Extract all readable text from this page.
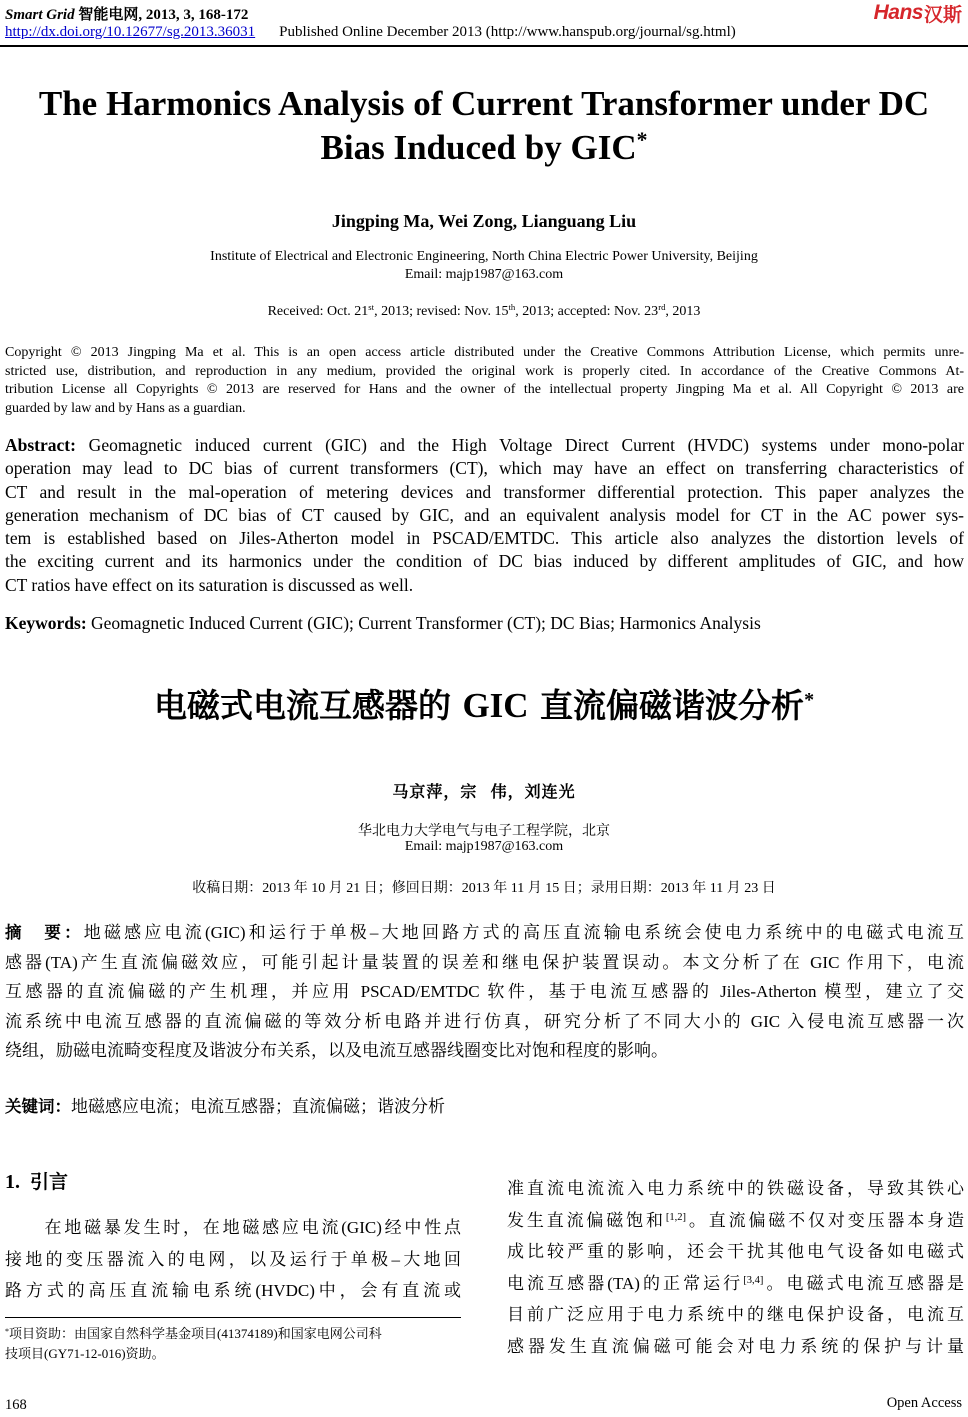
Smart Grid 智能电网, 2013, 3, 168-172	Hans 汉斯
http://dx.doi.org/10.12677/sg.2013.36031 Published Online December 2013 (http://www.hanspub.org/journal/sg.html)
The Harmonics Analysis of Current Transformer under DC
Bias Induced by GIC*
Jingping Ma, Wei Zong, Lianguang Liu
Institute of Electrical and Electronic Engineering, North China Electric Power University, Beijing
Email: majp1987@163.com
Received: Oct. 21st, 2013; revised: Nov. 15th, 2013; accepted: Nov. 23rd, 2013
Copyright © 2013 Jingping Ma et al. This is an open access article distributed under the Creative Commons Attribution License, which permits unre-
stricted use, distribution, and reproduction in any medium, provided the original work is properly cited. In accordance of the Creative Commons At-
tribution License all Copyrights © 2013 are reserved for Hans and the owner of the intellectual property Jingping Ma et al. All Copyright © 2013 are
guarded by law and by Hans as a guardian.
Abstract: Geomagnetic induced current (GIC) and the High Voltage Direct Current (HVDC) systems under mono-polar
operation may lead to DC bias of current transformers (CT), which may have an effect on transferring characteristics of
CT and result in the mal-operation of metering devices and transformer differential protection. This paper analyzes the
generation mechanism of DC bias of CT caused by GIC, and an equivalent analysis model for CT in the AC power sys-
tem is established based on Jiles-Atherton model in PSCAD/EMTDC. This article also analyzes the distortion levels of
the exciting current and its harmonics under the condition of DC bias induced by different amplitudes of GIC, and how
CT ratios have effect on its saturation is discussed as well.
Keywords: Geomagnetic Induced Current (GIC); Current Transformer (CT); DC Bias; Harmonics Analysis
电磁式电流互感器的 GIC 直流偏磁谐波分析*
马京萍，宗  伟，刘连光
华北电力大学电气与电子工程学院，北京
Email: majp1987@163.com
收稿日期：2013 年 10 月 21 日；修回日期：2013 年 11 月 15 日；录用日期：2013 年 11 月 23 日
摘　要：地磁感应电流(GIC)和运行于单极–大地回路方式的高压直流输电系统会使电力系统中的电磁式电流互
感器(TA)产生直流偏磁效应，可能引起计量装置的误差和继电保护装置误动。本文分析了在 GIC 作用下，电流
互感器的直流偏磁的产生机理，并应用 PSCAD/EMTDC 软件，基于电流互感器的 Jiles-Atherton 模型，建立了交
流系统中电流互感器的直流偏磁的等效分析电路并进行仿真，研究分析了不同大小的 GIC 入侵电流互感器一次
绕组，励磁电流畸变程度及谐波分布关系，以及电流互感器线圈变比对饱和程度的影响。
关键词：地磁感应电流；电流互感器；直流偏磁；谐波分析
1. 引言
　　在地磁暴发生时，在地磁感应电流(GIC)经中性点
接地的变压器流入的电网，以及运行于单极–大地回
路方式的高压直流输电系统(HVDC)中，会有直流或
准直流电流流入电力系统中的铁磁设备，导致其铁心
发生直流偏磁饱和[1,2]。直流偏磁不仅对变压器本身造
成比较严重的影响，还会干扰其他电气设备如电磁式
电流互感器(TA)的正常运行[3,4]。电磁式电流互感器是
目前广泛应用于电力系统中的继电保护设备，电流互
感器发生直流偏磁可能会对电力系统的保护与计量
*项目资助：由国家自然科学基金项目(41374189)和国家电网公司科
技项目(GY71-12-016)资助。
168	Open Access
